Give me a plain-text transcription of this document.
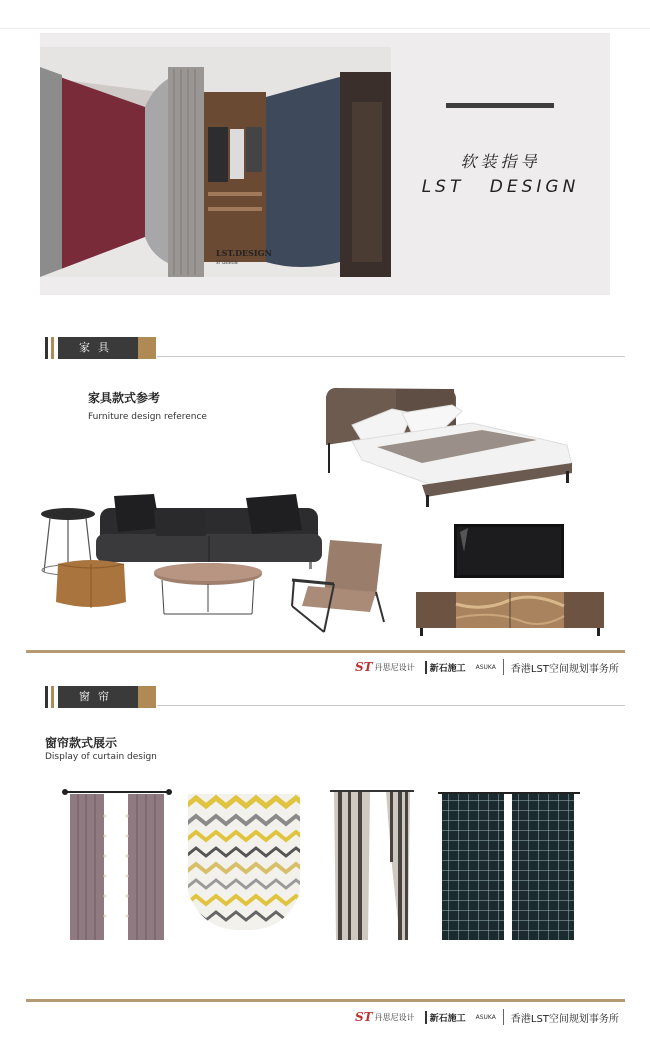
LST.DESIGN
ST DESIGN
软装指导
LST DESIGN
家具
家具款式参考
Furniture design reference
ST 丹思尼设计	新石施工 ASUKA 香港LST空间规划事务所
窗帘
窗帘款式展示
Display of curtain design
ST 丹思尼设计	新石施工 ASUKA 香港LST空间规划事务所
